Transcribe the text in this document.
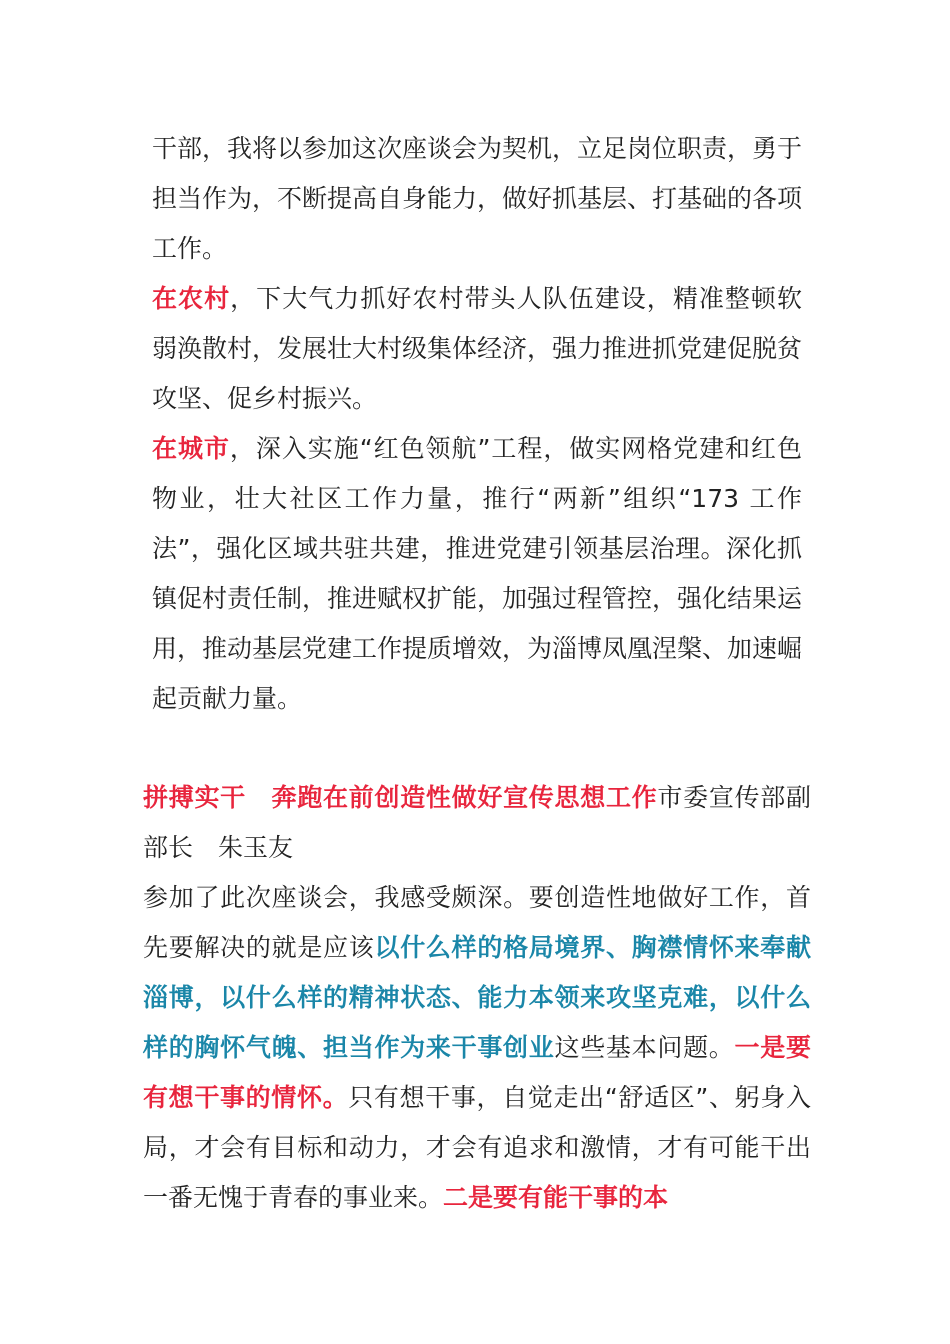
干部，我将以参加这次座谈会为契机，立足岗位职责，勇于担当作为，不断提高自身能力，做好抓基层、打基础的各项工作。

在农村，下大气力抓好农村带头人队伍建设，精准整顿软弱涣散村，发展壮大村级集体经济，强力推进抓党建促脱贫攻坚、促乡村振兴。

在城市，深入实施“红色领航”工程，做实网格党建和红色物业，壮大社区工作力量，推行“两新”组织“173 工作法”，强化区域共驻共建，推进党建引领基层治理。深化抓镇促村责任制，推进赋权扩能，加强过程管控，强化结果运用，推动基层党建工作提质增效，为淄博凤凰涅槃、加速崛起贡献力量。

拼搏实干　奔跑在前创造性做好宣传思想工作市委宣传部副部长　朱玉友

参加了此次座谈会，我感受颇深。要创造性地做好工作，首先要解决的就是应该以什么样的格局境界、胸襟情怀来奉献淄博，以什么样的精神状态、能力本领来攻坚克难，以什么样的胸怀气魄、担当作为来干事创业这些基本问题。一是要有想干事的情怀。只有想干事，自觉走出“舒适区”、躬身入局，才会有目标和动力，才会有追求和激情，才有可能干出一番无愧于青春的事业来。二是要有能干事的本
